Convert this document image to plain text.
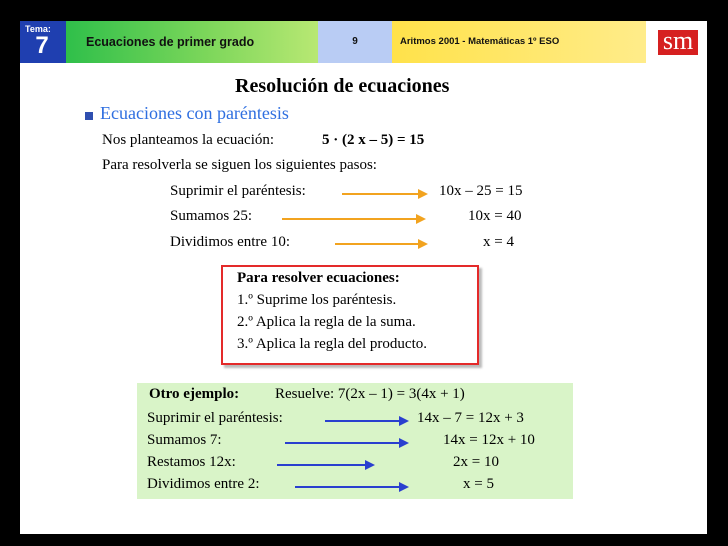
Tema:
7	Ecuaciones de primer grado	9	Aritmos 2001 - Matemáticas 1º ESO	sm
Resolución de ecuaciones
Ecuaciones con paréntesis
Nos planteamos la ecuación:	5 · (2 x – 5) = 15
Para resolverla se siguen los siguientes pasos:
Suprimir el paréntesis:	10x – 25 = 15
Sumamos 25:	10x = 40
Dividimos entre 10:	x = 4
Para resolver ecuaciones:
1.º Suprime los paréntesis.
2.º Aplica la regla de la suma.
3.º Aplica la regla del producto.
Otro ejemplo: Resuelve: 7(2x – 1) = 3(4x + 1)
Suprimir el paréntesis:	14x – 7 = 12x + 3
Sumamos 7:	14x = 12x + 10
Restamos 12x:	2x = 10
Dividimos entre 2:	x = 5
